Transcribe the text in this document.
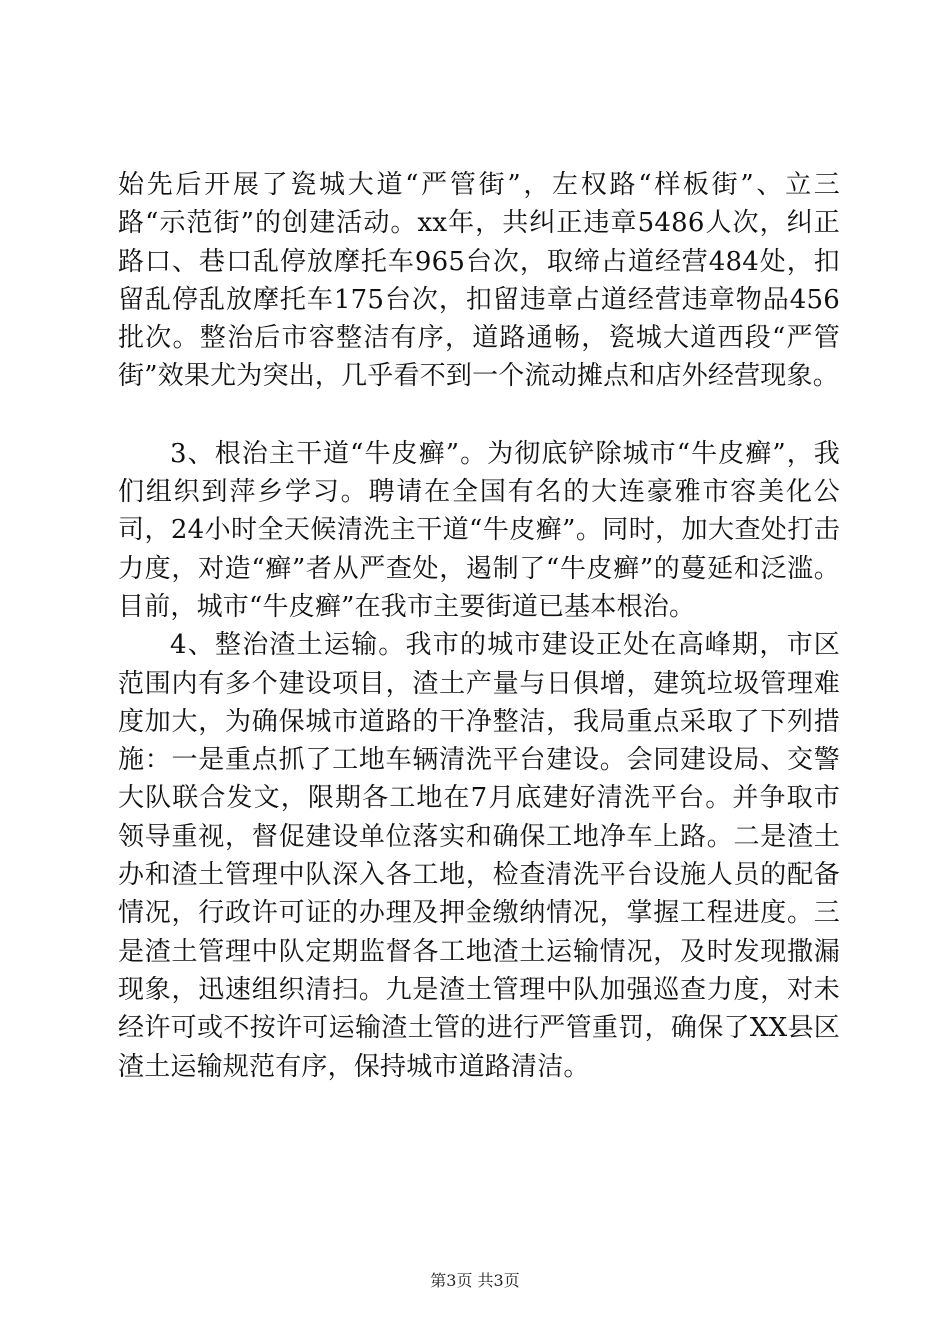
始先后开展了瓷城大道“严管街”，左权路“样板街”、立三路“示范街”的创建活动。xx年，共纠正违章5486人次，纠正路口、巷口乱停放摩托车965台次，取缔占道经营484处，扣留乱停乱放摩托车175台次，扣留违章占道经营违章物品456批次。整治后市容整洁有序，道路通畅，瓷城大道西段“严管街”效果尤为突出，几乎看不到一个流动摊点和店外经营现象。

3、根治主干道“牛皮癣”。为彻底铲除城市“牛皮癣”，我们组织到萍乡学习。聘请在全国有名的大连豪雅市容美化公司，24小时全天候清洗主干道“牛皮癣”。同时，加大查处打击力度，对造“癣”者从严查处，遏制了“牛皮癣”的蔓延和泛滥。目前，城市“牛皮癣”在我市主要街道已基本根治。

4、整治渣土运输。我市的城市建设正处在高峰期，市区范围内有多个建设项目，渣土产量与日俱增，建筑垃圾管理难度加大，为确保城市道路的干净整洁，我局重点采取了下列措施：一是重点抓了工地车辆清洗平台建设。会同建设局、交警大队联合发文，限期各工地在7月底建好清洗平台。并争取市领导重视，督促建设单位落实和确保工地净车上路。二是渣土办和渣土管理中队深入各工地，检查清洗平台设施人员的配备情况，行政许可证的办理及押金缴纳情况，掌握工程进度。三是渣土管理中队定期监督各工地渣土运输情况，及时发现撒漏现象，迅速组织清扫。九是渣土管理中队加强巡查力度，对未经许可或不按许可运输渣土管的进行严管重罚，确保了XX县区渣土运输规范有序，保持城市道路清洁。

第3页 共3页
